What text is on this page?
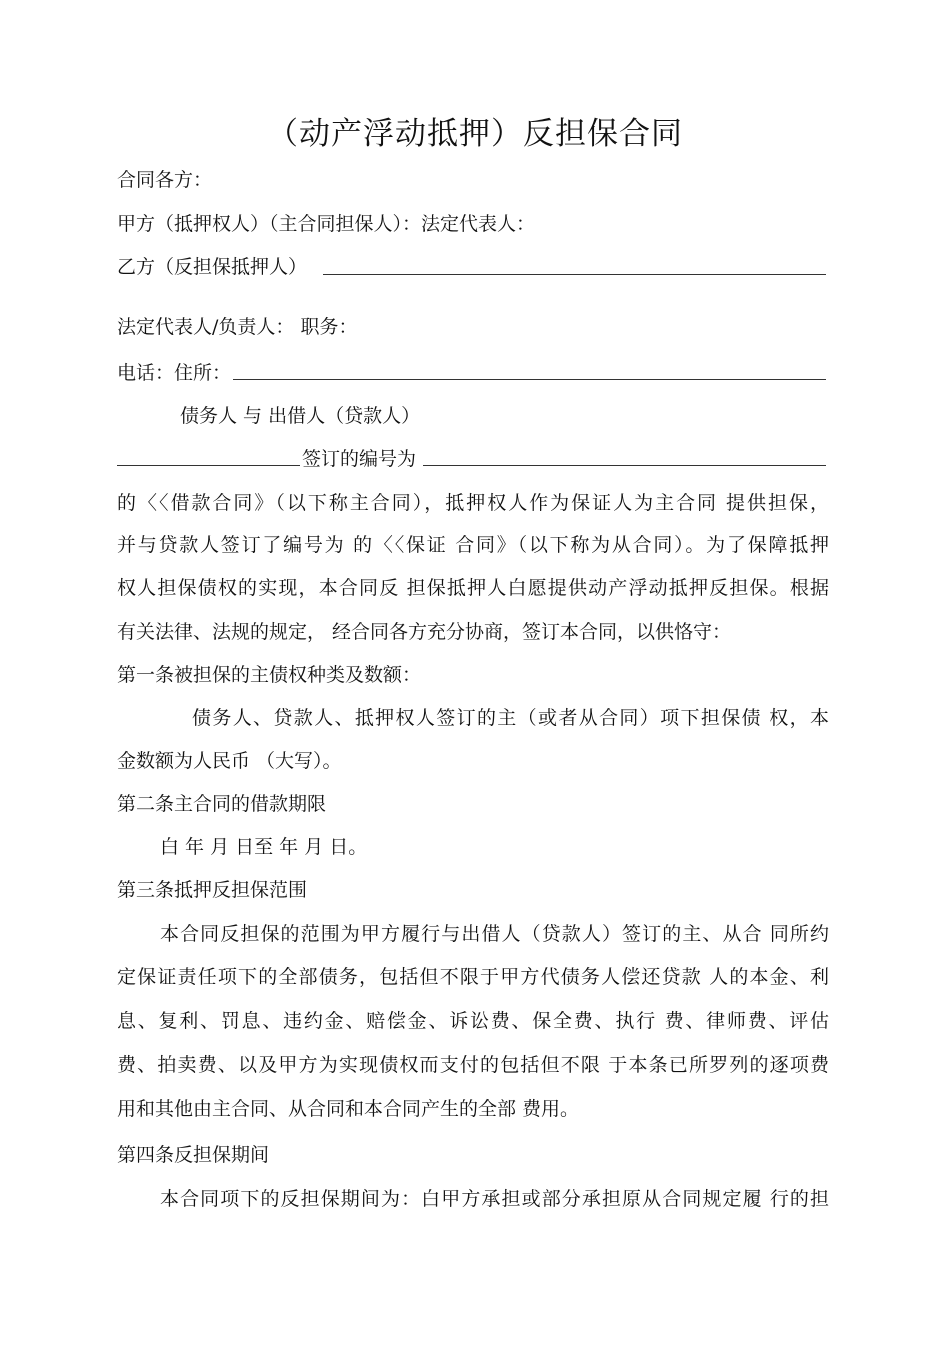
（动产浮动抵押）反担保合同
合同各方：
甲方（抵押权人）（主合同担保人）：法定代表人：
乙方（反担保抵押人）
法定代表人/负责人： 职务：
电话：住所：
债务人 与 出借人（贷款人）
签订的编号为
的〈〈借款合同》（以下称主合同），抵押权人作为保证人为主合同 提供担保，
并与贷款人签订了编号为 的〈〈保证 合同》（以下称为从合同）。为了保障抵押
权人担保债权的实现，本合同反 担保抵押人白愿提供动产浮动抵押反担保。根据
有关法律、法规的规定， 经合同各方充分协商，签订本合同，以供恪守：
第一条被担保的主债权种类及数额：
债务人、贷款人、抵押权人签订的主（或者从合同）项下担保债 权，本
金数额为人民币 （大写）。
第二条主合同的借款期限
白 年 月 日至 年 月 日。
第三条抵押反担保范围
本合同反担保的范围为甲方履行与出借人（贷款人）签订的主、从合 同所约
定保证责任项下的全部债务，包括但不限于甲方代债务人偿还贷款 人的本金、利
息、复利、罚息、违约金、赔偿金、诉讼费、保全费、执行 费、律师费、评估
费、拍卖费、以及甲方为实现债权而支付的包括但不限 于本条已所罗列的逐项费
用和其他由主合同、从合同和本合同产生的全部 费用。
第四条反担保期间
本合同项下的反担保期间为：白甲方承担或部分承担原从合同规定履 行的担
